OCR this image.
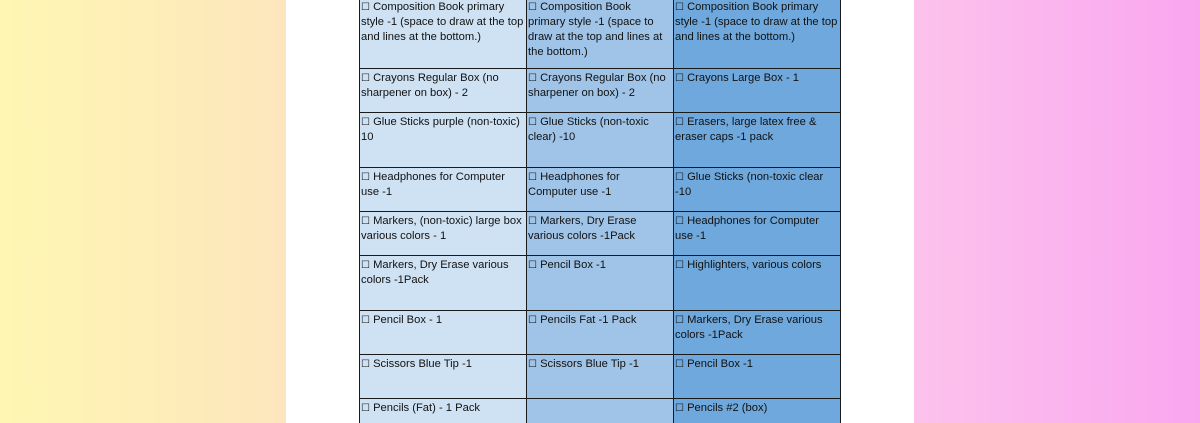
☐ Composition Book primary style -1 (space to draw at the top and lines at the bottom.)	☐ Composition Book primary style -1 (space to draw at the top and lines at the bottom.)	☐ Composition Book primary style -1 (space to draw at the top and lines at the bottom.)

☐ Crayons Regular Box (no sharpener on box) - 2	☐ Crayons Regular Box (no sharpener on box) - 2	☐ Crayons Large Box - 1

☐ Glue Sticks purple (non-toxic) 10	☐ Glue Sticks (non-toxic clear) -10	☐ Erasers, large latex free & eraser caps -1 pack

☐ Headphones for Computer use -1	☐ Headphones for Computer use -1	☐ Glue Sticks (non-toxic clear -10

☐ Markers, (non-toxic) large box various colors - 1	☐ Markers, Dry Erase various colors -1Pack	☐ Headphones for Computer use -1

☐ Markers, Dry Erase various colors -1Pack	☐ Pencil Box -1	☐ Highlighters, various colors

☐ Pencil Box - 1	☐ Pencils Fat -1 Pack	☐ Markers, Dry Erase various colors -1Pack

☐ Scissors Blue Tip -1	☐ Scissors Blue Tip -1	☐ Pencil Box -1

☐ Pencils (Fat) - 1 Pack		☐ Pencils #2 (box)
